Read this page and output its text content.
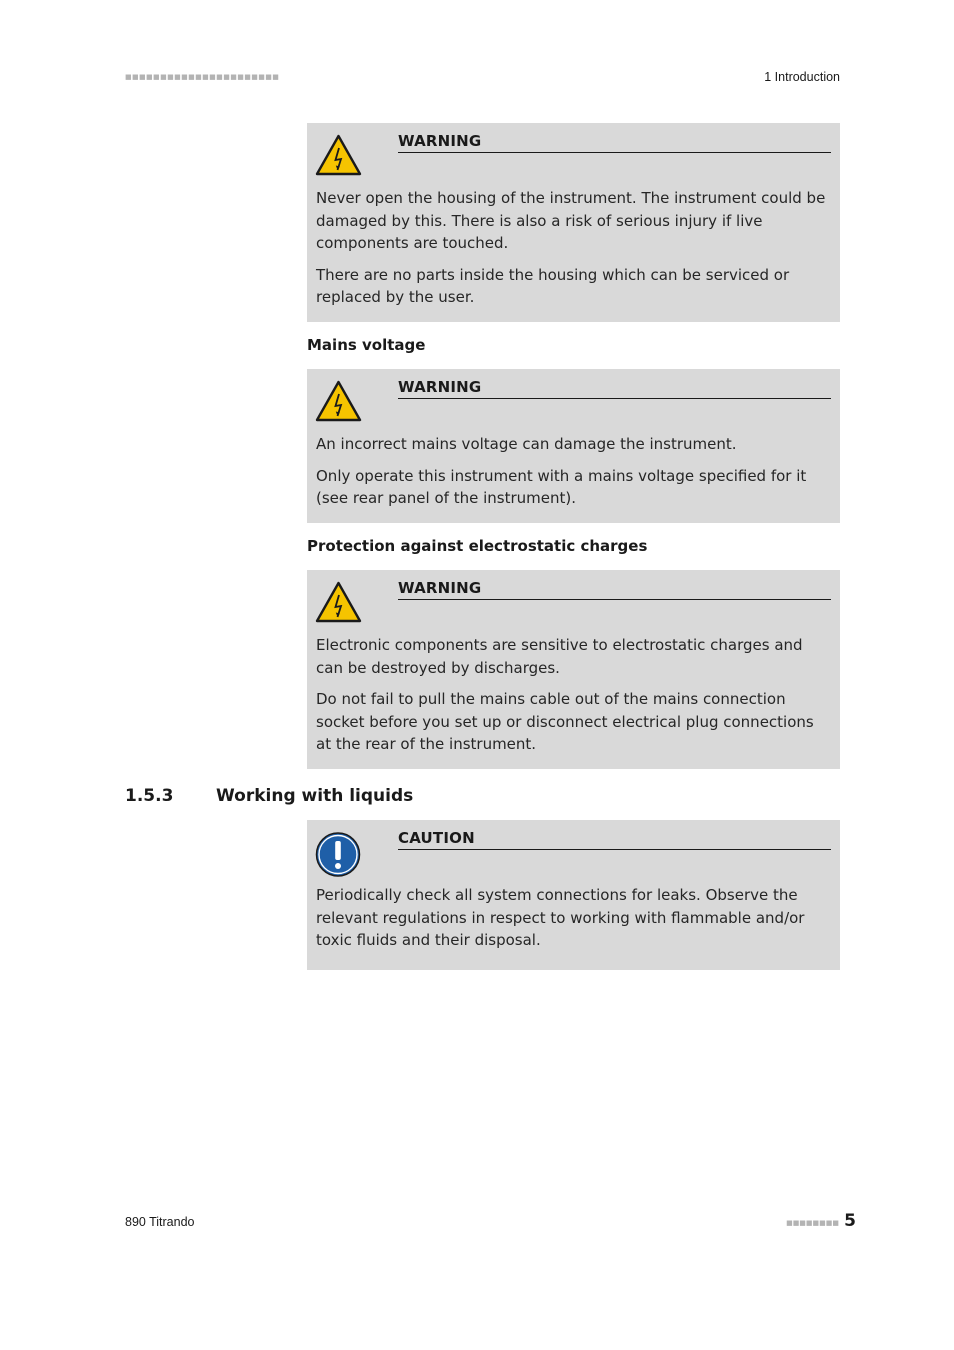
■■■■■■■■■■■■■■■■■■■■■■	1 Introduction
WARNING

Never open the housing of the instrument. The instrument could be damaged by this. There is also a risk of serious injury if live components are touched.

There are no parts inside the housing which can be serviced or replaced by the user.

Mains voltage
WARNING

An incorrect mains voltage can damage the instrument.

Only operate this instrument with a mains voltage specified for it (see rear panel of the instrument).

Protection against electrostatic charges
WARNING

Electronic components are sensitive to electrostatic charges and can be destroyed by discharges.

Do not fail to pull the mains cable out of the mains connection socket before you set up or disconnect electrical plug connections at the rear of the instrument.

1.5.3	Working with liquids
CAUTION

Periodically check all system connections for leaks. Observe the relevant regulations in respect to working with flammable and/or toxic fluids and their disposal.

890 Titrando	■■■■■■■■ 5
